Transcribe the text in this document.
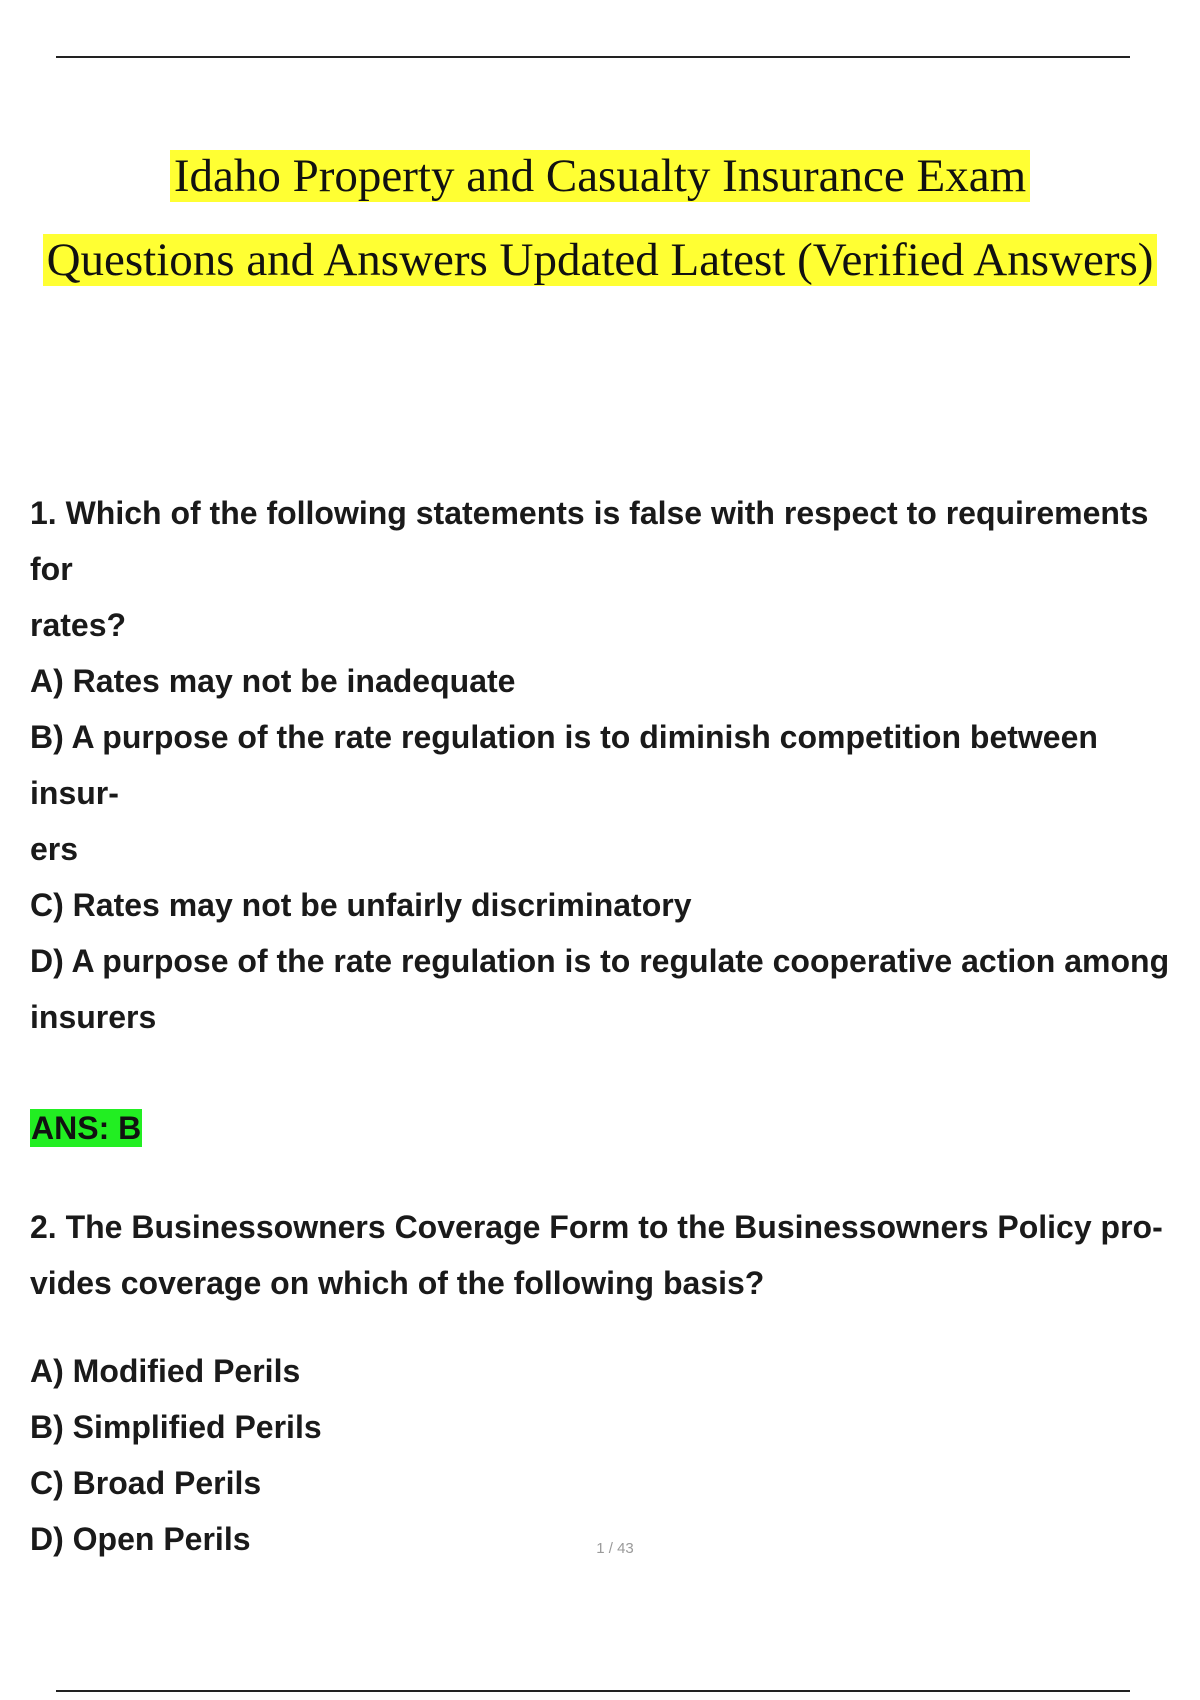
Idaho Property and Casualty Insurance Exam
Questions and Answers Updated Latest (Verified Answers)

1. Which of the following statements is false with respect to requirements for

rates?

A) Rates may not be inadequate

B) A purpose of the rate regulation is to diminish competition between insur-

ers

C) Rates may not be unfairly discriminatory

D) A purpose of the rate regulation is to regulate cooperative action among

insurers

ANS: B

2. The Businessowners Coverage Form to the Businessowners Policy pro-

vides coverage on which of the following basis?

A) Modified Perils

B) Simplified Perils

C) Broad Perils

D) Open Perils	1 / 43
